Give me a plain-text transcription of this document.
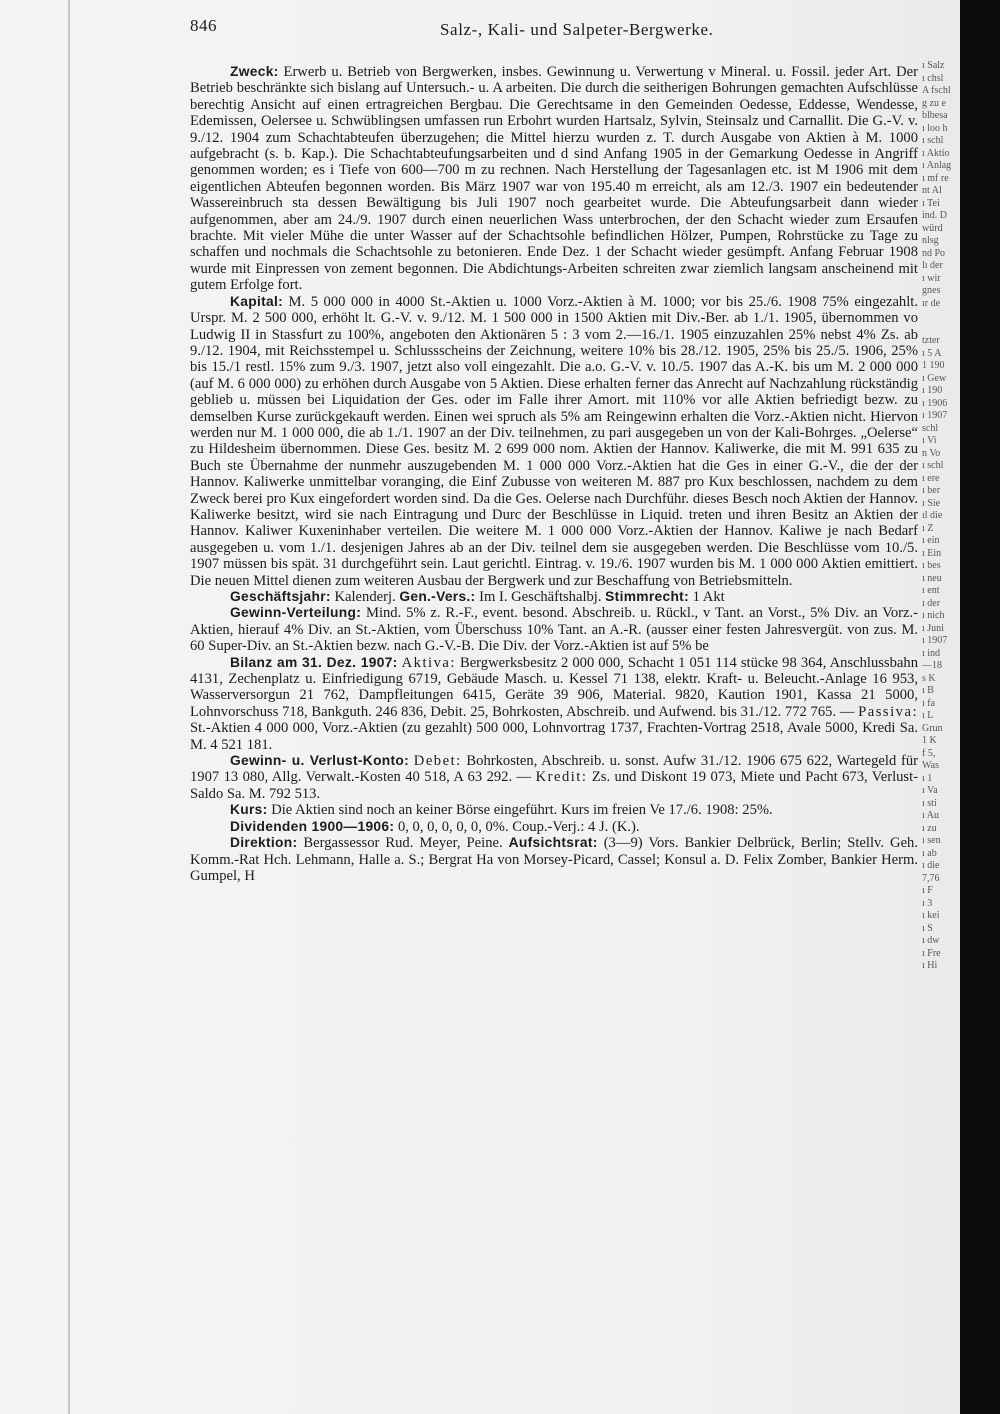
846	Salz-, Kali- und Salpeter-Bergwerke.

Zweck: Erwerb u. Betrieb von Bergwerken, insbes. Gewinnung u. Verwertung v Mineral. u. Fossil. jeder Art. Der Betrieb beschränkte sich bislang auf Untersuch.- u. A arbeiten. Die durch die seitherigen Bohrungen gemachten Aufschlüsse berechtig Ansicht auf einen ertragreichen Bergbau. Die Gerechtsame in den Gemeinden Oedesse, Eddesse, Wendesse, Edemissen, Oelersee u. Schwüblingsen umfassen run Erbohrt wurden Hartsalz, Sylvin, Steinsalz und Carnallit. Die G.-V. v. 9./12. 1904 zum Schachtabteufen überzugehen; die Mittel hierzu wurden z. T. durch Ausgabe von Aktien à M. 1000 aufgebracht (s. b. Kap.). Die Schachtabteufungsarbeiten und d sind Anfang 1905 in der Gemarkung Oedesse in Angriff genommen worden; es i Tiefe von 600—700 m zu rechnen. Nach Herstellung der Tagesanlagen etc. ist M 1906 mit dem eigentlichen Abteufen begonnen worden. Bis März 1907 war von 195.40 m erreicht, als am 12./3. 1907 ein bedeutender Wassereinbruch sta dessen Bewältigung bis Juli 1907 noch gearbeitet wurde. Die Abteufungsarbeit dann wieder aufgenommen, aber am 24./9. 1907 durch einen neuerlichen Wass unterbrochen, der den Schacht wieder zum Ersaufen brachte. Mit vieler Mühe die unter Wasser auf der Schachtsohle befindlichen Hölzer, Pumpen, Rohrstücke zu Tage zu schaffen und nochmals die Schachtsohle zu betonieren. Ende Dez. 1 der Schacht wieder gesümpft. Anfang Februar 1908 wurde mit Einpressen von zement begonnen. Die Abdichtungs-Arbeiten schreiten zwar ziemlich langsam anscheinend mit gutem Erfolge fort.

Kapital: M. 5 000 000 in 4000 St.-Aktien u. 1000 Vorz.-Aktien à M. 1000; vor bis 25./6. 1908 75% eingezahlt. Urspr. M. 2 500 000, erhöht lt. G.-V. v. 9./12. M. 1 500 000 in 1500 Aktien mit Div.-Ber. ab 1./1. 1905, übernommen vo Ludwig II in Stassfurt zu 100%, angeboten den Aktionären 5 : 3 vom 2.—16./1. 1905 einzuzahlen 25% nebst 4% Zs. ab 9./12. 1904, mit Reichsstempel u. Schlussscheins der Zeichnung, weitere 10% bis 28./12. 1905, 25% bis 25./5. 1906, 25% bis 15./1 restl. 15% zum 9./3. 1907, jetzt also voll eingezahlt. Die a.o. G.-V. v. 10./5. 1907 das A.-K. bis um M. 2 000 000 (auf M. 6 000 000) zu erhöhen durch Ausgabe von 5 Aktien. Diese erhalten ferner das Anrecht auf Nachzahlung rückständig geblieb u. müssen bei Liquidation der Ges. oder im Falle ihrer Amort. mit 110% vor alle Aktien befriedigt bezw. zu demselben Kurse zurückgekauft werden. Einen wei spruch als 5% am Reingewinn erhalten die Vorz.-Aktien nicht. Hiervon werden nur M. 1 000 000, die ab 1./1. 1907 an der Div. teilnehmen, zu pari ausgegeben un von der Kali-Bohrges. „Oelerse“ zu Hildesheim übernommen. Diese Ges. besitz M. 2 699 000 nom. Aktien der Hannov. Kaliwerke, die mit M. 991 635 zu Buch ste Übernahme der nunmehr auszugebenden M. 1 000 000 Vorz.-Aktien hat die Ges in einer G.-V., die der der Hannov. Kaliwerke unmittelbar voranging, die Einf Zubusse von weiteren M. 887 pro Kux beschlossen, nachdem zu dem Zweck berei pro Kux eingefordert worden sind. Da die Ges. Oelerse nach Durchführ. dieses Besch noch Aktien der Hannov. Kaliwerke besitzt, wird sie nach Eintragung und Durc der Beschlüsse in Liquid. treten und ihren Besitz an Aktien der Hannov. Kaliwer Kuxeninhaber verteilen. Die weitere M. 1 000 000 Vorz.-Aktien der Hannov. Kaliwe je nach Bedarf ausgegeben u. vom 1./1. desjenigen Jahres ab an der Div. teilnel dem sie ausgegeben werden. Die Beschlüsse vom 10./5. 1907 müssen bis spät. 31 durchgeführt sein. Laut gerichtl. Eintrag. v. 19./6. 1907 wurden bis M. 1 000 000 Aktien emittiert. Die neuen Mittel dienen zum weiteren Ausbau der Bergwerk und zur Beschaffung von Betriebsmitteln.

Geschäftsjahr: Kalenderj. Gen.-Vers.: Im I. Geschäftshalbj. Stimmrecht: 1 Akt

Gewinn-Verteilung: Mind. 5% z. R.-F., event. besond. Abschreib. u. Rückl., v Tant. an Vorst., 5% Div. an Vorz.-Aktien, hierauf 4% Div. an St.-Aktien, vom Überschuss 10% Tant. an A.-R. (ausser einer festen Jahresvergüt. von zus. M. 60 Super-Div. an St.-Aktien bezw. nach G.-V.-B. Die Div. der Vorz.-Aktien ist auf 5% be

Bilanz am 31. Dez. 1907: Aktiva: Bergwerksbesitz 2 000 000, Schacht 1 051 114 stücke 98 364, Anschlussbahn 4131, Zechenplatz u. Einfriedigung 6719, Gebäude Masch. u. Kessel 71 138, elektr. Kraft- u. Beleucht.-Anlage 16 953, Wasserversorgun 21 762, Dampfleitungen 6415, Geräte 39 906, Material. 9820, Kaution 1901, Kassa 21 5000, Lohnvorschuss 718, Bankguth. 246 836, Debit. 25, Bohrkosten, Abschreib. und Aufwend. bis 31./12. 772 765. — Passiva: St.-Aktien 4 000 000, Vorz.-Aktien (zu gezahlt) 500 000, Lohnvortrag 1737, Frachten-Vortrag 2518, Avale 5000, Kredi Sa. M. 4 521 181.

Gewinn- u. Verlust-Konto: Debet: Bohrkosten, Abschreib. u. sonst. Aufw 31./12. 1906 675 622, Wartegeld für 1907 13 080, Allg. Verwalt.-Kosten 40 518, A 63 292. — Kredit: Zs. und Diskont 19 073, Miete und Pacht 673, Verlust-Saldo Sa. M. 792 513.

Kurs: Die Aktien sind noch an keiner Börse eingeführt. Kurs im freien Ve 17./6. 1908: 25%.

Dividenden 1900—1906: 0, 0, 0, 0, 0, 0, 0%. Coup.-Verj.: 4 J. (K.).

Direktion: Bergassessor Rud. Meyer, Peine. Aufsichtsrat: (3—9) Vors. Bankier Delbrück, Berlin; Stellv. Geh. Komm.-Rat Hch. Lehmann, Halle a. S.; Bergrat Ha von Morsey-Picard, Cassel; Konsul a. D. Felix Zomber, Bankier Herm. Gumpel, H

ı Salz
ı chsl
A fschl
g zu e
blbesa
ı loo h
ı schl
ı Aktio
ı Anlag
ı mf re
nt Al
ı Tei
ind. D
würd
nlsg
nd Po
lı der
ı wir
gnes
ır de

tzter
ı 5 A
1 190
ı Gew
ı 190
ı 1906
ı 1907
schl
ı Vi
n Vo
ı schl
ı ere
ı ber
ı Sie
ıl die
ı Z
ı ein
ı Ein
ı bes
ı neu
ı ent
ı der
ı nich
ı Juni
ı 1907
ı ind
—18
s K
ı B
ı fa
ı L
Grun
1 K
f 5,
Was
ı 1
ı Va
ı sti
ı Au
ı zu
ı sen
ı ab
ı die
7,76
ı F
ı 3
ı kei
ı S
ı dw
ı Fre
ı Hi
